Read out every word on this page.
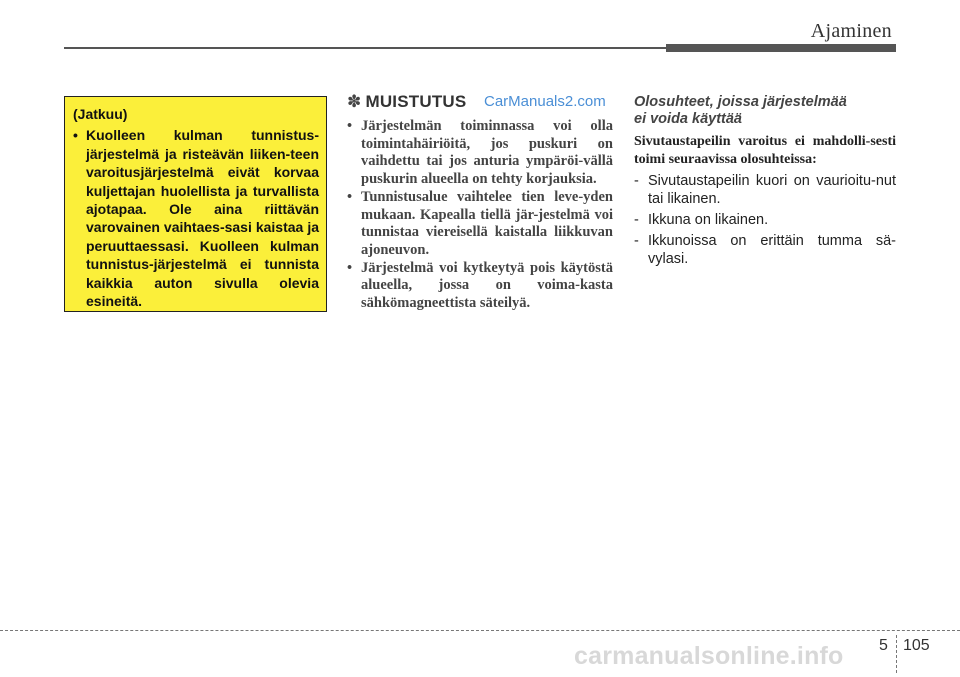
Ajaminen
(Jatkuu)
• Kuolleen kulman tunnistus-järjestelmä ja risteävän liiken-teen varoitusjärjestelmä eivät korvaa kuljettajan huolellista ja turvallista ajotapaa. Ole aina riittävän varovainen vaihtaes-sasi kaistaa ja peruuttaessasi. Kuolleen kulman tunnistus-järjestelmä ei tunnista kaikkia auton sivulla olevia esineitä.
✽ MUISTUTUS CarManuals2.com
• Järjestelmän toiminnassa voi olla toimintahäiriöitä, jos puskuri on vaihdettu tai jos anturia ympäröi-vällä puskurin alueella on tehty korjauksia.
• Tunnistusalue vaihtelee tien leve-yden mukaan. Kapealla tiellä jär-jestelmä voi tunnistaa viereisellä kaistalla liikkuvan ajoneuvon.
• Järjestelmä voi kytkeytyä pois käytöstä alueella, jossa on voima-kasta sähkömagneettista säteilyä.
Olosuhteet, joissa järjestelmää
ei voida käyttää
Sivutaustapeilin varoitus ei mahdolli-sesti toimi seuraavissa olosuhteissa:
- Sivutaustapeilin kuori on vaurioitu-nut tai likainen.
- Ikkuna on likainen.
- Ikkunoissa on erittäin tumma sä-vylasi.
carmanualsonline.info 5 105
